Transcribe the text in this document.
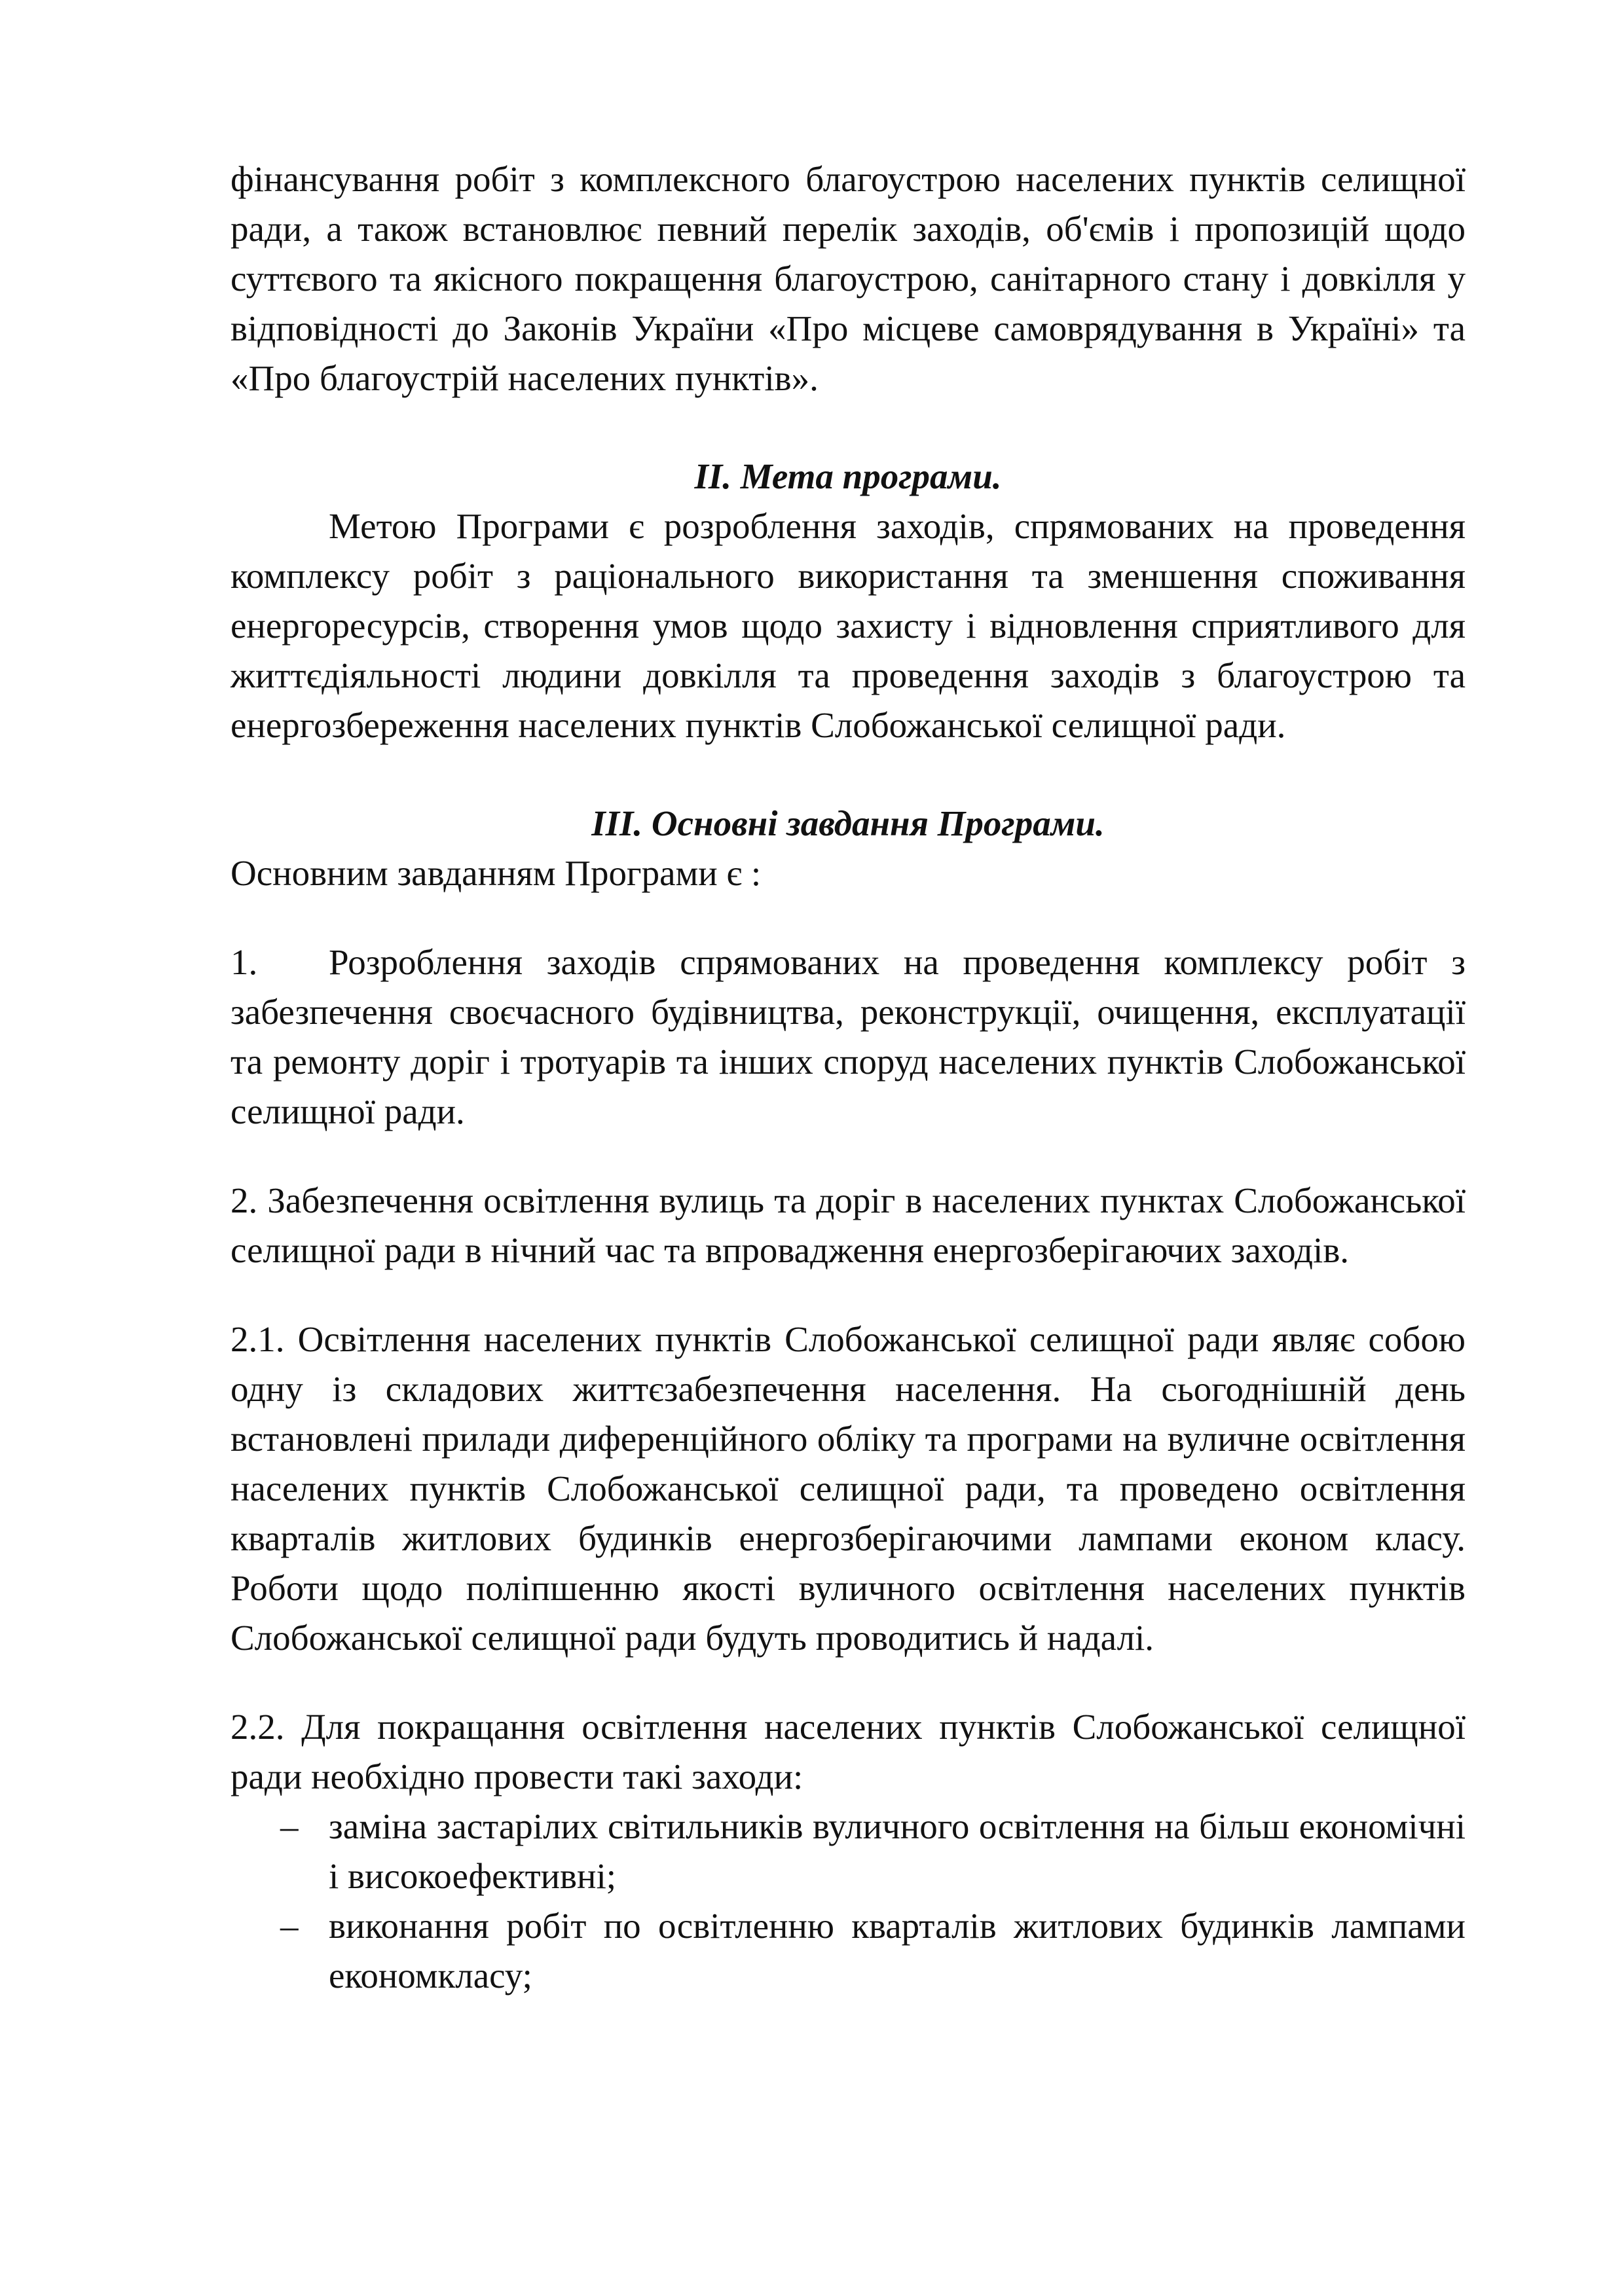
фінансування робіт з комплексного благоустрою населених пунктів селищної ради, а також встановлює певний перелік заходів, об'ємів і пропозицій щодо суттєвого та якісного покращення благоустрою, санітарного стану і довкілля у відповідності до Законів України «Про місцеве самоврядування в Україні» та «Про благоустрій населених пунктів».

II. Мета програми.

Метою Програми є розроблення заходів, спрямованих на проведення комплексу робіт з раціонального використання та зменшення споживання енергоресурсів, створення умов щодо захисту і відновлення сприятливого для життєдіяльності людини довкілля та проведення заходів з благоустрою та енергозбереження населених пунктів Слобожанської селищної ради.

III. Основні завдання Програми.

Основним завданням Програми є :

1. Розроблення заходів спрямованих на проведення комплексу робіт з забезпечення своєчасного будівництва, реконструкції, очищення, експлуатації та ремонту доріг і тротуарів та інших споруд населених пунктів Слобожанської селищної ради.

2. Забезпечення освітлення вулиць та доріг в населених пунктах Слобожанської селищної ради в нічний час та впровадження енергозберігаючих заходів.

2.1. Освітлення населених пунктів Слобожанської селищної ради являє собою одну із складових життєзабезпечення населення. На сьогоднішній день встановлені прилади диференційного обліку та програми на вуличне освітлення населених пунктів Слобожанської селищної ради, та проведено освітлення кварталів житлових будинків енергозберігаючими лампами економ класу. Роботи щодо поліпшенню якості вуличного освітлення населених пунктів Слобожанської селищної ради будуть проводитись й надалі.

2.2. Для покращання освітлення населених пунктів Слобожанської селищної ради необхідно провести такі заходи:

– заміна застарілих світильників вуличного освітлення на більш економічні і високоефективні;
– виконання робіт по освітленню кварталів житлових будинків лампами економкласу;
